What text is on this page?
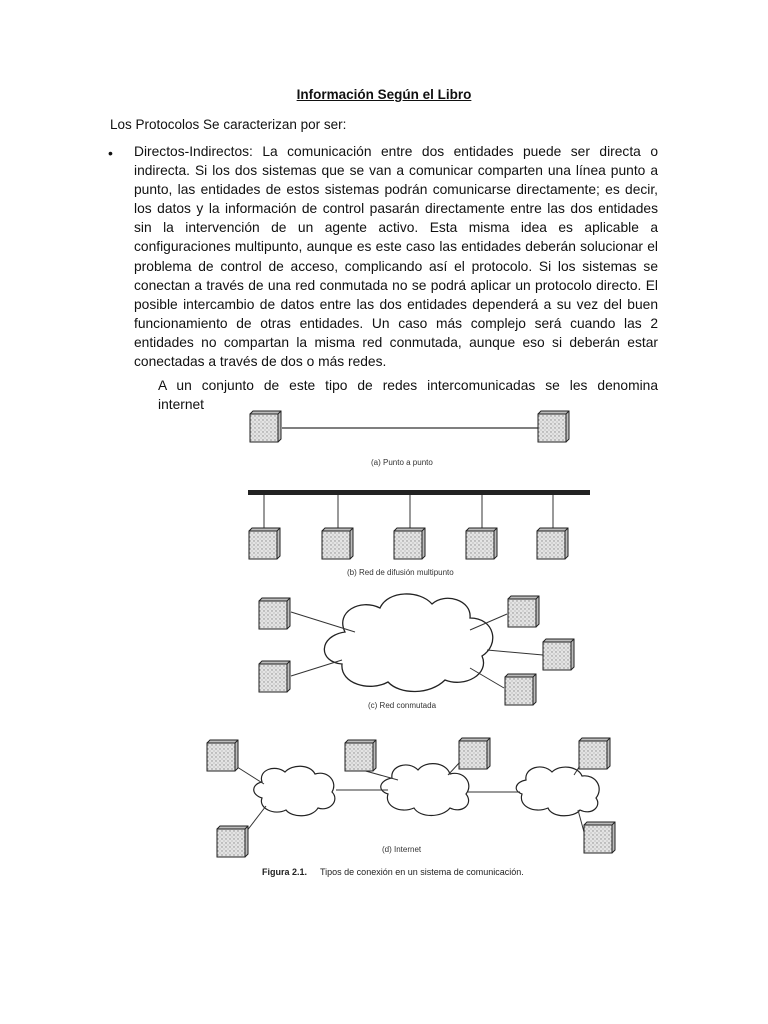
Información Según el Libro
Los Protocolos Se caracterizan por ser:
• Directos-Indirectos: La comunicación entre dos entidades puede ser directa o indirecta. Si los dos sistemas que se van a comunicar comparten una línea punto a punto, las entidades de estos sistemas podrán comunicarse directamente; es decir, los datos y la información de control pasarán directamente entre las dos entidades sin la intervención de un agente activo. Esta misma idea es aplicable a configuraciones multipunto, aunque es este caso las entidades deberán solucionar el problema de control de acceso, complicando así el protocolo. Si los sistemas se conectan a través de una red conmutada no se podrá aplicar un protocolo directo. El posible intercambio de datos entre las dos entidades dependerá a su vez del buen funcionamiento de otras entidades. Un caso más complejo será cuando las 2 entidades no compartan la misma red conmutada, aunque eso si deberán estar conectadas a través de dos o más redes.

A un conjunto de este tipo de redes intercomunicadas se les denomina

internet
(a) Punto a punto
(b) Red de difusión multipunto
(c) Red conmutada
(d) Internet
Figura 2.1. Tipos de conexión en un sistema de comunicación.
